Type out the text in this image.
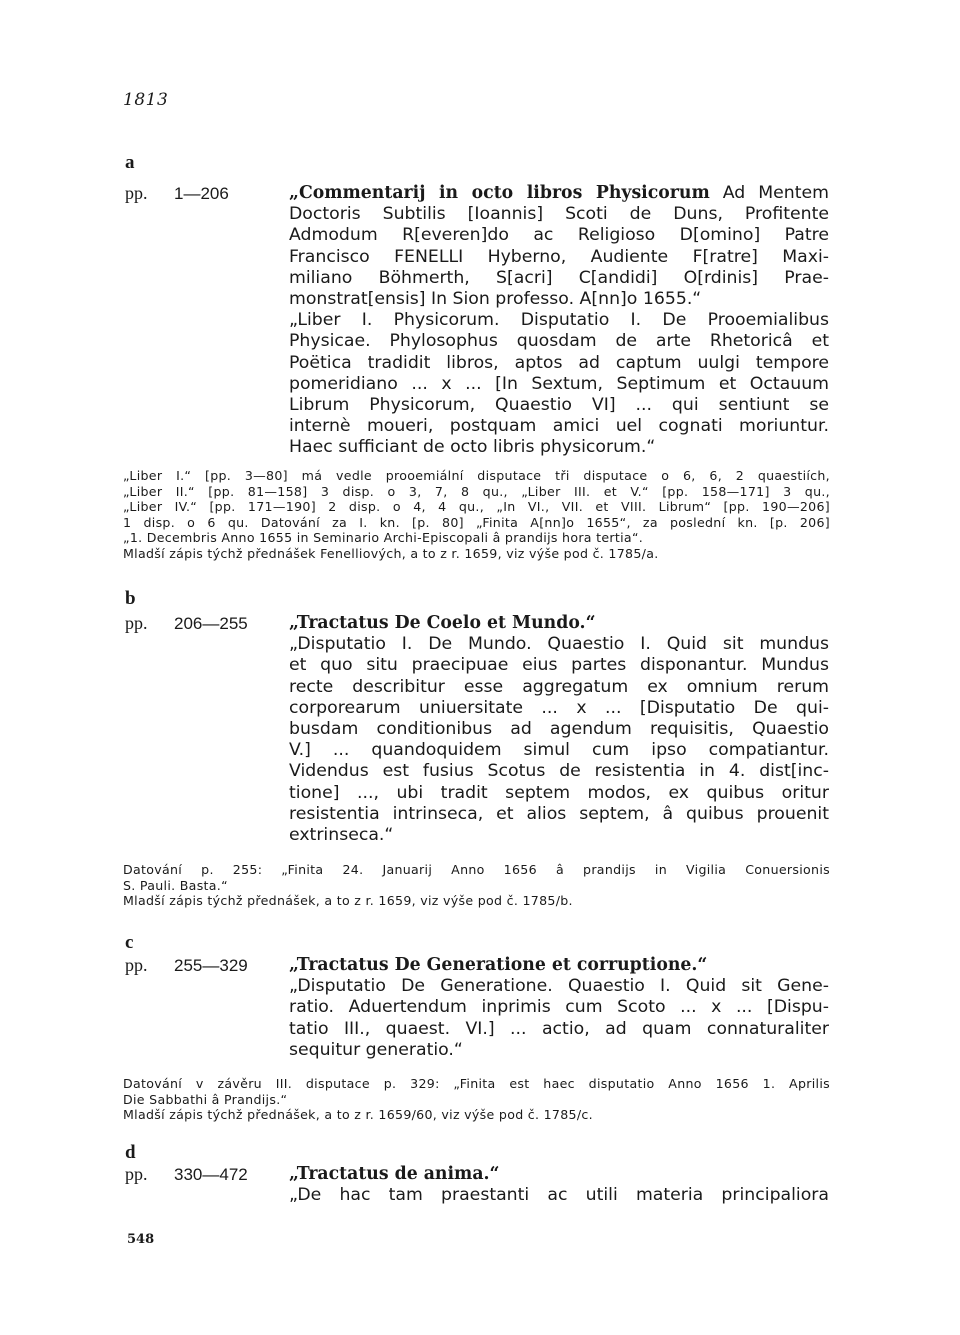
1813
a
pp. 1—206	„Commentarij in octo libros Physicorum Ad Mentem
Doctoris Subtilis [Ioannis] Scoti de Duns, Profitente
Admodum R[everen]do ac Religioso D[omino] Patre
Francisco FENELLI Hyberno, Audiente F[ratre] Maxi-
miliano Böhmerth, S[acri] C[andidi] O[rdinis] Prae-
monstrat[ensis] In Sion professo. A[nn]o 1655.“
„Liber I. Physicorum. Disputatio I. De Prooemialibus
Physicae. Phylosophus quosdam de arte Rhetoricâ et
Poëtica tradidit libros, aptos ad captum uulgi tempore
pomeridiano ... x ... [In Sextum, Septimum et Octauum
Librum Physicorum, Quaestio VI] ... qui sentiunt se
internè moueri, postquam amici uel cognati moriuntur.
Haec sufficiant de octo libris physicorum.“
„Liber I.“ [pp. 3—80] má vedle prooemiální disputace tři disputace o 6, 6, 2 quaestiích,
„Liber II.“ [pp. 81—158] 3 disp. o 3, 7, 8 qu., „Liber III. et V.“ [pp. 158—171] 3 qu.,
„Liber IV.“ [pp. 171—190] 2 disp. o 4, 4 qu., „In VI., VII. et VIII. Librum“ [pp. 190—206]
1 disp. o 6 qu. Datování za I. kn. [p. 80] „Finita A[nn]o 1655“, za poslední kn. [p. 206]
„1. Decembris Anno 1655 in Seminario Archi-Episcopali â prandijs hora tertia“.
Mladší zápis týchž přednášek Fenelliových, a to z r. 1659, viz výše pod č. 1785/a.
b
pp. 206—255 „Tractatus De Coelo et Mundo.“
„Disputatio I. De Mundo. Quaestio I. Quid sit mundus
et quo situ praecipuae eius partes disponantur. Mundus
recte describitur esse aggregatum ex omnium rerum
corporearum uniuersitate ... x ... [Disputatio De qui-
busdam conditionibus ad agendum requisitis, Quaestio
V.] ... quandoquidem simul cum ipso compatiantur.
Videndus est fusius Scotus de resistentia in 4. dist[inc-
tione] ..., ubi tradit septem modos, ex quibus oritur
resistentia intrinseca, et alios septem, â quibus prouenit
extrinseca.“
Datování p. 255: „Finita 24. Januarij Anno 1656 â prandijs in Vigilia Conuersionis
S. Pauli. Basta.“
Mladší zápis týchž přednášek, a to z r. 1659, viz výše pod č. 1785/b.
c
pp. 255—329 „Tractatus De Generatione et corruptione.“
„Disputatio De Generatione. Quaestio I. Quid sit Gene-
ratio. Aduertendum inprimis cum Scoto ... x ... [Dispu-
tatio III., quaest. VI.] ... actio, ad quam connaturaliter
sequitur generatio.“
Datování v závěru III. disputace p. 329: „Finita est haec disputatio Anno 1656 1. Aprilis
Die Sabbathi â Prandijs.“
Mladší zápis týchž přednášek, a to z r. 1659/60, viz výše pod č. 1785/c.
d
pp. 330—472 „Tractatus de anima.“
„De hac tam praestanti ac utili materia principaliora
548
